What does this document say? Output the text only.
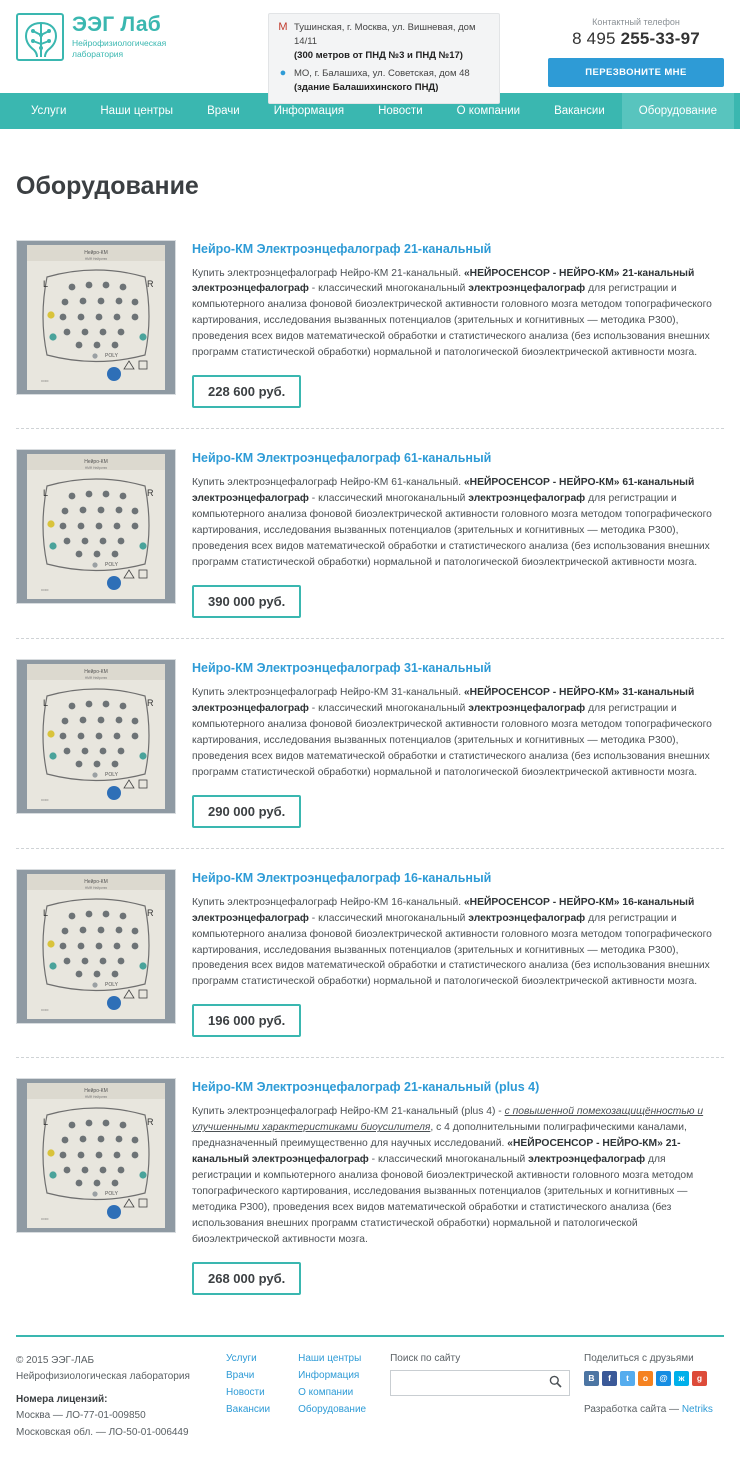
ЭЭГ Лаб
Нейрофизиологическая
лаборатория
M Тушинская, г. Москва, ул. Вишневая, дом 14/11
(300 метров от ПНД №3 и ПНД №17)
● МО, г. Балашиха, ул. Советская, дом 48
(здание Балашихинского ПНД)
Контактный телефон
8 495 255-33-97
ПЕРЕЗВОНИТЕ МНЕ
Услуги	Наши центры	Врачи	Информация	Новости	О компании	Вакансии	Оборудование
Оборудование
Нейро-КМ
НМФ Нейротех
L	R
POLY
▭▭
Нейро-КМ Электроэнцефалограф 21-канальный

Купить электроэнцефалограф Нейро-КМ 21-канальный. «НЕЙРОСЕНСОР - НЕЙРО-КМ» 21-канальный электроэнцефалограф - классический многоканальный электроэнцефалограф для регистрации и компьютерного анализа фоновой биоэлектрической активности головного мозга методом топографического картирования, исследования вызванных потенциалов (зрительных и когнитивных — методика Р300), проведения всех видов математической обработки и статистического анализа (без использования внешних программ статистической обработки) нормальной и патологической биоэлектрической активности мозга.

228 600 руб.
Нейро-КМ
НМФ Нейротех
L	R
POLY
▭▭
Нейро-КМ Электроэнцефалограф 61-канальный

Купить электроэнцефалограф Нейро-КМ 61-канальный. «НЕЙРОСЕНСОР - НЕЙРО-КМ» 61-канальный электроэнцефалограф - классический многоканальный электроэнцефалограф для регистрации и компьютерного анализа фоновой биоэлектрической активности головного мозга методом топографического картирования, исследования вызванных потенциалов (зрительных и когнитивных — методика Р300), проведения всех видов математической обработки и статистического анализа (без использования внешних программ статистической обработки) нормальной и патологической биоэлектрической активности мозга.

390 000 руб.
Нейро-КМ
НМФ Нейротех
L	R
POLY
▭▭
Нейро-КМ Электроэнцефалограф 31-канальный

Купить электроэнцефалограф Нейро-КМ 31-канальный. «НЕЙРОСЕНСОР - НЕЙРО-КМ» 31-канальный электроэнцефалограф - классический многоканальный электроэнцефалограф для регистрации и компьютерного анализа фоновой биоэлектрической активности головного мозга методом топографического картирования, исследования вызванных потенциалов (зрительных и когнитивных — методика Р300), проведения всех видов математической обработки и статистического анализа (без использования внешних программ статистической обработки) нормальной и патологической биоэлектрической активности мозга.

290 000 руб.
Нейро-КМ
НМФ Нейротех
L	R
POLY
▭▭
Нейро-КМ Электроэнцефалограф 16-канальный

Купить электроэнцефалограф Нейро-КМ 16-канальный. «НЕЙРОСЕНСОР - НЕЙРО-КМ» 16-канальный электроэнцефалограф - классический многоканальный электроэнцефалограф для регистрации и компьютерного анализа фоновой биоэлектрической активности головного мозга методом топографического картирования, исследования вызванных потенциалов (зрительных и когнитивных — методика Р300), проведения всех видов математической обработки и статистического анализа (без использования внешних программ статистической обработки) нормальной и патологической биоэлектрической активности мозга.

196 000 руб.
Нейро-КМ
НМФ Нейротех
L	R
POLY
▭▭
Нейро-КМ Электроэнцефалограф 21-канальный (plus 4)

Купить электроэнцефалограф Нейро-КМ 21-канальный (plus 4) - с повышенной помехозащищённостью и улучшенными характеристиками биоусилителя, с 4 дополнительными полиграфическими каналами, предназначенный преимущественно для научных исследований. «НЕЙРОСЕНСОР - НЕЙРО-КМ» 21-канальный электроэнцефалограф - классический многоканальный электроэнцефалограф для регистрации и компьютерного анализа фоновой биоэлектрической активности головного мозга методом топографического картирования, исследования вызванных потенциалов (зрительных и когнитивных — методика Р300), проведения всех видов математической обработки и статистического анализа (без использования внешних программ статистической обработки) нормальной и патологической биоэлектрической активности мозга.

268 000 руб.
© 2015 ЭЭГ-ЛАБ
Нейрофизиологическая лаборатория
Номера лицензий:
Москва — ЛО-77-01-009850
Московская обл. — ЛО-50-01-006449
Услуги
Врачи
Новости
Вакансии
Наши центры
Информация
О компании
Оборудование
Поиск по сайту	Поделиться с друзьями
В	f	t	о	@	ж	g
Разработка сайта — Netriks
